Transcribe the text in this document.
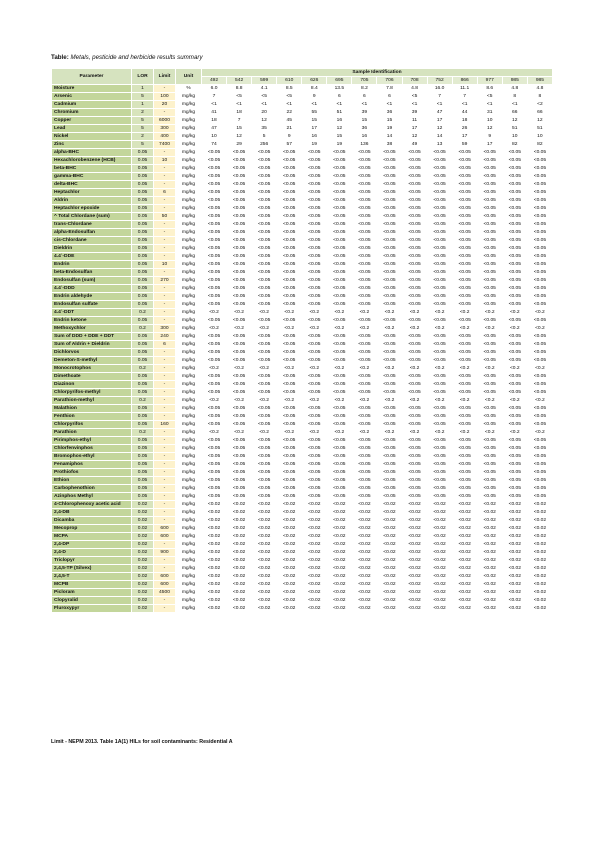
Table: Metals, pesticide and herbicide results summary
Parameter	LOR	Limit	Unit	Sample Identification													
				492	542	599	610	626	695	705	706	708	752	866	977	985	985
Moisture	1	-	%	6.0	8.8	4.1	8.5	8.4	13.5	8.2	7.8	4.8	16.0	11.1	8.6	4.8	4.8
Arsenic	5	100	mg/kg	7	<5	<5	<5	9	6	6	6	<5	7	7	<5	8	8
Cadmium	1	20	mg/kg	<1	<1	<1	<1	<1	<1	<1	<1	<1	<1	<1	<1	<1	<2
Chromium	2	-	mg/kg	41	18	20	22	55	51	39	36	39	47	44	31	66	66
Copper	5	6000	mg/kg	18	7	12	45	15	16	15	15	11	17	18	10	12	12
Lead	5	300	mg/kg	47	15	35	21	17	12	36	19	17	12	26	12	51	51
Nickel	2	400	mg/kg	10	12	5	9	16	15	16	14	12	14	17	9	10	10
Zinc	5	7400	mg/kg	74	29	256	57	19	19	136	38	49	13	59	17	82	82
alpha-BHC	0.05	-	mg/kg	<0.05	<0.05	<0.05	<0.05	<0.05	<0.05	<0.05	<0.05	<0.05	<0.05	<0.05	<0.05	<0.05	<0.05
Hexachlorobenzene (HCB)	0.05	10	mg/kg	<0.05	<0.05	<0.05	<0.05	<0.05	<0.05	<0.05	<0.05	<0.05	<0.05	<0.05	<0.05	<0.05	<0.05
beta-BHC	0.05	-	mg/kg	<0.05	<0.05	<0.05	<0.05	<0.05	<0.05	<0.05	<0.05	<0.05	<0.05	<0.05	<0.05	<0.05	<0.05
gamma-BHC	0.05	-	mg/kg	<0.05	<0.05	<0.05	<0.05	<0.05	<0.05	<0.05	<0.05	<0.05	<0.05	<0.05	<0.05	<0.05	<0.05
delta-BHC	0.05	-	mg/kg	<0.05	<0.05	<0.05	<0.05	<0.05	<0.05	<0.05	<0.05	<0.05	<0.05	<0.05	<0.05	<0.05	<0.05
Heptachlor	0.05	6	mg/kg	<0.05	<0.05	<0.05	<0.05	<0.05	<0.05	<0.05	<0.05	<0.05	<0.05	<0.05	<0.05	<0.05	<0.05
Aldrin	0.05	-	mg/kg	<0.05	<0.05	<0.05	<0.05	<0.05	<0.05	<0.05	<0.05	<0.05	<0.05	<0.05	<0.05	<0.05	<0.05
Heptachlor epoxide	0.05	-	mg/kg	<0.05	<0.05	<0.05	<0.05	<0.05	<0.05	<0.05	<0.05	<0.05	<0.05	<0.05	<0.05	<0.05	<0.05
^ Total Chlordane (sum)	0.05	50	mg/kg	<0.05	<0.05	<0.05	<0.05	<0.05	<0.05	<0.05	<0.05	<0.05	<0.05	<0.05	<0.05	<0.05	<0.05
trans-Chlordane	0.05	-	mg/kg	<0.05	<0.05	<0.05	<0.05	<0.05	<0.05	<0.05	<0.05	<0.05	<0.05	<0.05	<0.05	<0.05	<0.05
alpha-Endosulfan	0.05	-	mg/kg	<0.05	<0.05	<0.05	<0.05	<0.05	<0.05	<0.05	<0.05	<0.05	<0.05	<0.05	<0.05	<0.05	<0.05
cis-Chlordane	0.05	-	mg/kg	<0.05	<0.05	<0.05	<0.05	<0.05	<0.05	<0.05	<0.05	<0.05	<0.05	<0.05	<0.05	<0.05	<0.05
Dieldrin	0.05	-	mg/kg	<0.05	<0.05	<0.05	<0.05	<0.05	<0.05	<0.05	<0.05	<0.05	<0.05	<0.05	<0.05	<0.05	<0.05
4.4`-DDE	0.05	-	mg/kg	<0.05	<0.05	<0.05	<0.05	<0.05	<0.05	<0.05	<0.05	<0.05	<0.05	<0.05	<0.05	<0.05	<0.05
Endrin	0.05	10	mg/kg	<0.05	<0.05	<0.05	<0.05	<0.05	<0.05	<0.05	<0.05	<0.05	<0.05	<0.05	<0.05	<0.05	<0.05
beta-Endosulfan	0.05	-	mg/kg	<0.05	<0.05	<0.05	<0.05	<0.05	<0.05	<0.05	<0.05	<0.05	<0.05	<0.05	<0.05	<0.05	<0.05
Endosulfan (sum)	0.05	270	mg/kg	<0.05	<0.05	<0.05	<0.05	<0.05	<0.05	<0.05	<0.05	<0.05	<0.05	<0.05	<0.05	<0.05	<0.05
4.4`-DDD	0.05	-	mg/kg	<0.05	<0.05	<0.05	<0.05	<0.05	<0.05	<0.05	<0.05	<0.05	<0.05	<0.05	<0.05	<0.05	<0.05
Endrin aldehyde	0.05	-	mg/kg	<0.05	<0.05	<0.05	<0.05	<0.05	<0.05	<0.05	<0.05	<0.05	<0.05	<0.05	<0.05	<0.05	<0.05
Endosulfan sulfate	0.05	-	mg/kg	<0.05	<0.05	<0.05	<0.05	<0.05	<0.05	<0.05	<0.05	<0.05	<0.05	<0.05	<0.05	<0.05	<0.05
4.4`-DDT	0.2	-	mg/kg	<0.2	<0.2	<0.2	<0.2	<0.2	<0.2	<0.2	<0.2	<0.2	<0.2	<0.2	<0.2	<0.2	<0.2
Endrin ketone	0.05	-	mg/kg	<0.05	<0.05	<0.05	<0.05	<0.05	<0.05	<0.05	<0.05	<0.05	<0.05	<0.05	<0.05	<0.05	<0.05
Methoxychlor	0.2	300	mg/kg	<0.2	<0.2	<0.2	<0.2	<0.2	<0.2	<0.2	<0.2	<0.2	<0.2	<0.2	<0.2	<0.2	<0.2
Sum of DDD + DDE + DDT	0.05	240	mg/kg	<0.05	<0.05	<0.05	<0.05	<0.05	<0.05	<0.05	<0.05	<0.05	<0.05	<0.05	<0.05	<0.05	<0.05
Sum of Aldrin + Dieldrin	0.05	6	mg/kg	<0.05	<0.05	<0.05	<0.05	<0.05	<0.05	<0.05	<0.05	<0.05	<0.05	<0.05	<0.05	<0.05	<0.05
Dichlorvos	0.05	-	mg/kg	<0.05	<0.05	<0.05	<0.05	<0.05	<0.05	<0.05	<0.05	<0.05	<0.05	<0.05	<0.05	<0.05	<0.05
Demeton-S-methyl	0.05	-	mg/kg	<0.05	<0.05	<0.05	<0.05	<0.05	<0.05	<0.05	<0.05	<0.05	<0.05	<0.05	<0.05	<0.05	<0.05
Monocrotophos	0.2	-	mg/kg	<0.2	<0.2	<0.2	<0.2	<0.2	<0.2	<0.2	<0.2	<0.2	<0.2	<0.2	<0.2	<0.2	<0.2
Dimethoate	0.05	-	mg/kg	<0.05	<0.05	<0.05	<0.05	<0.05	<0.05	<0.05	<0.05	<0.05	<0.05	<0.05	<0.05	<0.05	<0.05
Diazinon	0.05	-	mg/kg	<0.05	<0.05	<0.05	<0.05	<0.05	<0.05	<0.05	<0.05	<0.05	<0.05	<0.05	<0.05	<0.05	<0.05
Chlorpyrifos-methyl	0.05	-	mg/kg	<0.05	<0.05	<0.05	<0.05	<0.05	<0.05	<0.05	<0.05	<0.05	<0.05	<0.05	<0.05	<0.05	<0.05
Parathion-methyl	0.2	-	mg/kg	<0.2	<0.2	<0.2	<0.2	<0.2	<0.2	<0.2	<0.2	<0.2	<0.2	<0.2	<0.2	<0.2	<0.2
Malathion	0.05	-	mg/kg	<0.05	<0.05	<0.05	<0.05	<0.05	<0.05	<0.05	<0.05	<0.05	<0.05	<0.05	<0.05	<0.05	<0.05
Fenthion	0.05	-	mg/kg	<0.05	<0.05	<0.05	<0.05	<0.05	<0.05	<0.05	<0.05	<0.05	<0.05	<0.05	<0.05	<0.05	<0.05
Chlorpyrifos	0.05	160	mg/kg	<0.05	<0.05	<0.05	<0.05	<0.05	<0.05	<0.05	<0.05	<0.05	<0.05	<0.05	<0.05	<0.05	<0.05
Parathion	0.2	-	mg/kg	<0.2	<0.2	<0.2	<0.2	<0.2	<0.2	<0.2	<0.2	<0.2	<0.2	<0.2	<0.2	<0.2	<0.2
Pirimphos-ethyl	0.05	-	mg/kg	<0.05	<0.05	<0.05	<0.05	<0.05	<0.05	<0.05	<0.05	<0.05	<0.05	<0.05	<0.05	<0.05	<0.05
Chlorfenvinphos	0.05	-	mg/kg	<0.05	<0.05	<0.05	<0.05	<0.05	<0.05	<0.05	<0.05	<0.05	<0.05	<0.05	<0.05	<0.05	<0.05
Bromophos-ethyl	0.05	-	mg/kg	<0.05	<0.05	<0.05	<0.05	<0.05	<0.05	<0.05	<0.05	<0.05	<0.05	<0.05	<0.05	<0.05	<0.05
Fenamiphos	0.05	-	mg/kg	<0.05	<0.05	<0.05	<0.05	<0.05	<0.05	<0.05	<0.05	<0.05	<0.05	<0.05	<0.05	<0.05	<0.05
Prothiofos	0.05	-	mg/kg	<0.05	<0.05	<0.05	<0.05	<0.05	<0.05	<0.05	<0.05	<0.05	<0.05	<0.05	<0.05	<0.05	<0.05
Ethion	0.05	-	mg/kg	<0.05	<0.05	<0.05	<0.05	<0.05	<0.05	<0.05	<0.05	<0.05	<0.05	<0.05	<0.05	<0.05	<0.05
Carbophenothion	0.05	-	mg/kg	<0.05	<0.05	<0.05	<0.05	<0.05	<0.05	<0.05	<0.05	<0.05	<0.05	<0.05	<0.05	<0.05	<0.05
Azinphos Methyl	0.05	-	mg/kg	<0.05	<0.05	<0.05	<0.05	<0.05	<0.05	<0.05	<0.05	<0.05	<0.05	<0.05	<0.05	<0.05	<0.05
4-Chlorophenoxy acetic acid	0.02	-	mg/kg	<0.02	<0.02	<0.02	<0.02	<0.02	<0.02	<0.02	<0.02	<0.02	<0.02	<0.02	<0.02	<0.02	<0.02
2,4-DB	0.02	-	mg/kg	<0.02	<0.02	<0.02	<0.02	<0.02	<0.02	<0.02	<0.02	<0.02	<0.02	<0.02	<0.02	<0.02	<0.02
Dicamba	0.02	-	mg/kg	<0.02	<0.02	<0.02	<0.02	<0.02	<0.02	<0.02	<0.02	<0.02	<0.02	<0.02	<0.02	<0.02	<0.02
Mecoprop	0.02	600	mg/kg	<0.02	<0.02	<0.02	<0.02	<0.02	<0.02	<0.02	<0.02	<0.02	<0.02	<0.02	<0.02	<0.02	<0.02
MCPA	0.02	600	mg/kg	<0.02	<0.02	<0.02	<0.02	<0.02	<0.02	<0.02	<0.02	<0.02	<0.02	<0.02	<0.02	<0.02	<0.02
2,4-DP	0.02	-	mg/kg	<0.02	<0.02	<0.02	<0.02	<0.02	<0.02	<0.02	<0.02	<0.02	<0.02	<0.02	<0.02	<0.02	<0.02
2,4-D	0.02	900	mg/kg	<0.02	<0.02	<0.02	<0.02	<0.02	<0.02	<0.02	<0.02	<0.02	<0.02	<0.02	<0.02	<0.02	<0.02
Triclopyr	0.02	-	mg/kg	<0.02	<0.02	<0.02	<0.02	<0.02	<0.02	<0.02	<0.02	<0.02	<0.02	<0.02	<0.02	<0.02	<0.02
2,4,5-TP (Silvex)	0.02	-	mg/kg	<0.02	<0.02	<0.02	<0.02	<0.02	<0.02	<0.02	<0.02	<0.02	<0.02	<0.02	<0.02	<0.02	<0.02
2,4,5-T	0.02	600	mg/kg	<0.02	<0.02	<0.02	<0.02	<0.02	<0.02	<0.02	<0.02	<0.02	<0.02	<0.02	<0.02	<0.02	<0.02
MCPB	0.02	600	mg/kg	<0.02	<0.02	<0.02	<0.02	<0.02	<0.02	<0.02	<0.02	<0.02	<0.02	<0.02	<0.02	<0.02	<0.02
Picloram	0.02	4500	mg/kg	<0.02	<0.02	<0.02	<0.02	<0.02	<0.02	<0.02	<0.02	<0.02	<0.02	<0.02	<0.02	<0.02	<0.02
Clopyralid	0.02	-	mg/kg	<0.02	<0.02	<0.02	<0.02	<0.02	<0.02	<0.02	<0.02	<0.02	<0.02	<0.02	<0.02	<0.02	<0.02
Fluroxypyr	0.02	-	mg/kg	<0.02	<0.02	<0.02	<0.02	<0.02	<0.02	<0.02	<0.02	<0.02	<0.02	<0.02	<0.02	<0.02	<0.02
Limit - NEPM 2013. Table 1A(1) HILs for soil contaminants: Residential A
